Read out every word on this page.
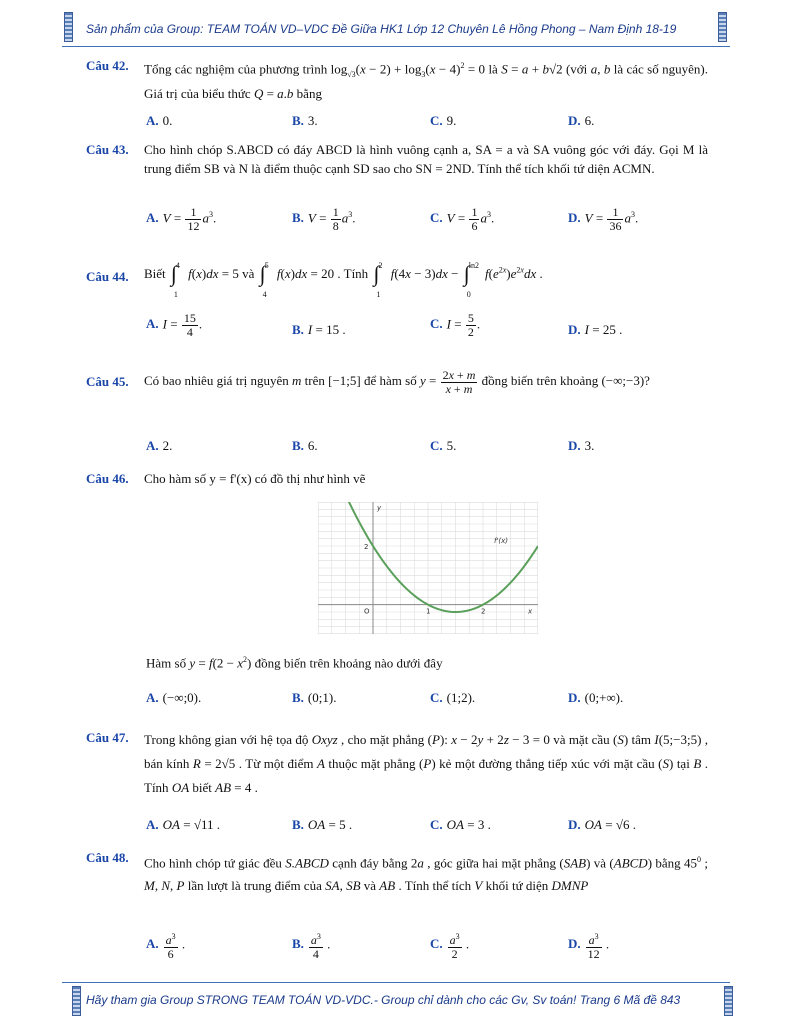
Sản phẩm của Group: TEAM TOÁN VD–VDC Đề Giữa HK1 Lớp 12 Chuyên Lê Hồng Phong – Nam Định 18-19
Câu 42. Tổng các nghiệm của phương trình $\log_{√3}(x - 2) + \log_3(x - 4)^2 = 0$ là S = a + b√2 (với a, b là các số nguyên). Giá trị của biểu thức Q = a.b bằng
A. 0.	B. 3.	C. 9.	D. 6.
Câu 43. Cho hình chóp S.ABCD có đáy ABCD là hình vuông cạnh a, SA = a và SA vuông góc với đáy. Gọi M là trung điểm SB và N là điểm thuộc cạnh SD sao cho SN = 2ND. Tính thể tích khối tứ diện ACMN.
A. $V = \frac{1}{12} a^3$.	B. $V = \frac{1}{8} a^3$.	C. $V = \frac{1}{6} a^3$.	D. $V = \frac{1}{36} a^3$.
Câu 44. Biết
4
∫
1
f(x)dx = 5 và
5
∫
4
f(x)dx = 20 . Tính
2
∫
1
f(4x − 3)dx −
ln2
∫
0
$f(e^{2x})e^{2x}dx$ .
A. $I = \frac{15}{4}$ .	B. I = 15 .	C. $I = \frac{5}{2}$ .	D. I = 25 .
Câu 45. Có bao nhiêu giá trị nguyên m trên [−1;5] để hàm số $y = \frac{2x + m}{x + m}$ đồng biến trên khoảng (−∞;−3)?
A. 2.	B. 6.	C. 5.	D. 3.
Câu 46. Cho hàm số y = f'(x) có đồ thị như hình vẽ
O	1	2
2
x
y
f'(x)
Hàm số $y = f(2 - x^2)$ đồng biến trên khoảng nào dưới đây
A. (−∞;0).	B. (0;1).	C. (1;2).	D. (0;+∞).
Câu 47. Trong không gian với hệ tọa độ Oxyz , cho mặt phẳng (P): x − 2y + 2z − 3 = 0 và mặt cầu (S) tâm I(5;−3;5) , bán kính R = 2√5 . Từ một điểm A thuộc mặt phẳng (P) kẻ một đường thẳng tiếp xúc với mặt cầu (S) tại B . Tính OA biết AB = 4 .
A. OA = √11 .	B. OA = 5 .	C. OA = 3 .	D. OA = √6 .
Câu 48. Cho hình chóp tứ giác đều S.ABCD cạnh đáy bằng 2a , góc giữa hai mặt phẳng (SAB) và (ABCD) bằng $45^0$ ; M, N, P lần lượt là trung điểm của SA, SB và AB . Tính thể tích V khối tứ diện DMNP
A. $\frac{a^3}{6}$ .	B. $\frac{a^3}{4}$ .	C. $\frac{a^3}{2}$ .	D. $\frac{a^3}{12}$ .
Hãy tham gia Group STRONG TEAM TOÁN VD-VDC.- Group chỉ dành cho các Gv, Sv toán! Trang 6 Mã đề 843
